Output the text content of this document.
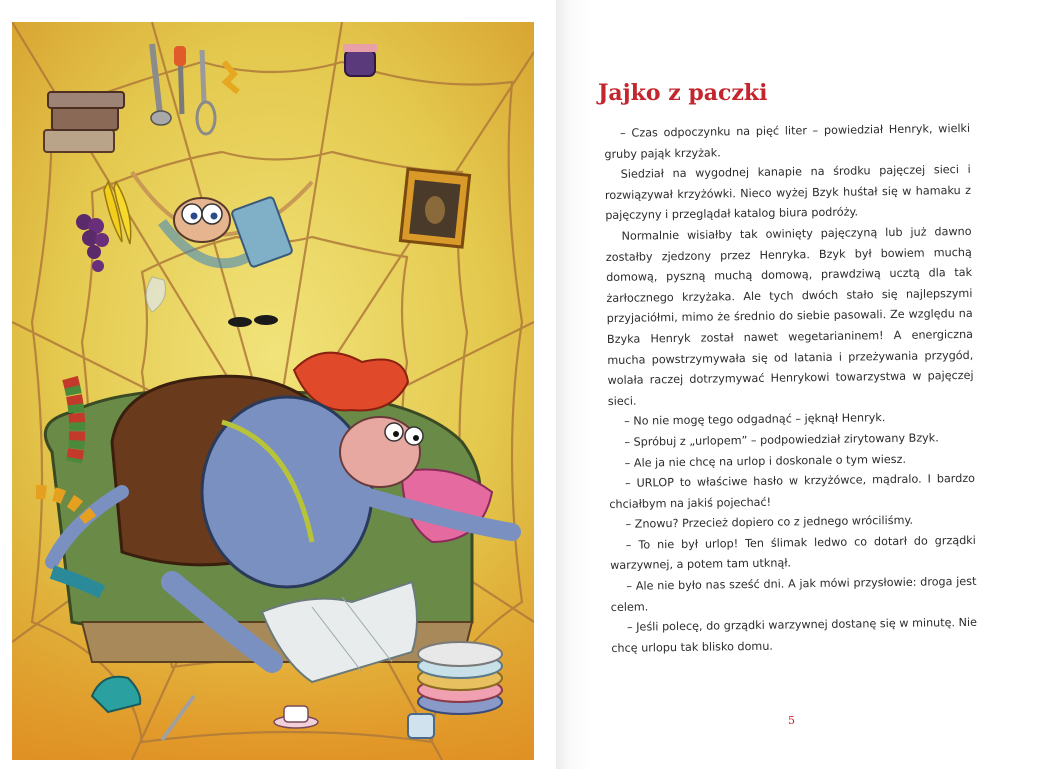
Jajko z paczki

– Czas odpoczynku na pięć liter – powiedział Henryk, wielki gruby pająk krzyżak.

Siedział na wygodnej kanapie na środku pajęczej sieci i rozwiązywał krzyżówki. Nieco wyżej Bzyk huśtał się w hamaku z pajęczyny i przeglądał katalog biura podróży.

Normalnie wisiałby tak owinięty pajęczyną lub już dawno zostałby zjedzony przez Henryka. Bzyk był bowiem muchą domową, pyszną muchą domową, prawdziwą ucztą dla tak żarłocznego krzyżaka. Ale tych dwóch stało się najlepszymi przyjaciółmi, mimo że średnio do siebie pasowali. Ze względu na Bzyka Henryk został nawet wegetarianinem! A energiczna mucha powstrzymywała się od latania i przeżywania przygód, wolała raczej dotrzymywać Henrykowi towarzystwa w pajęczej sieci.

– No nie mogę tego odgadnąć – jęknął Henryk.

– Spróbuj z „urlopem” – podpowiedział zirytowany Bzyk.

– Ale ja nie chcę na urlop i doskonale o tym wiesz.

– URLOP to właściwe hasło w krzyżówce, mądralo. I bardzo chciałbym na jakiś pojechać!

– Znowu? Przecież dopiero co z jednego wróciliśmy.

– To nie był urlop! Ten ślimak ledwo co dotarł do grządki warzywnej, a potem tam utknął.

– Ale nie było nas sześć dni. A jak mówi przysłowie: droga jest celem.

– Jeśli polecę, do grządki warzywnej dostanę się w minutę. Nie chcę urlopu tak blisko domu.

5
